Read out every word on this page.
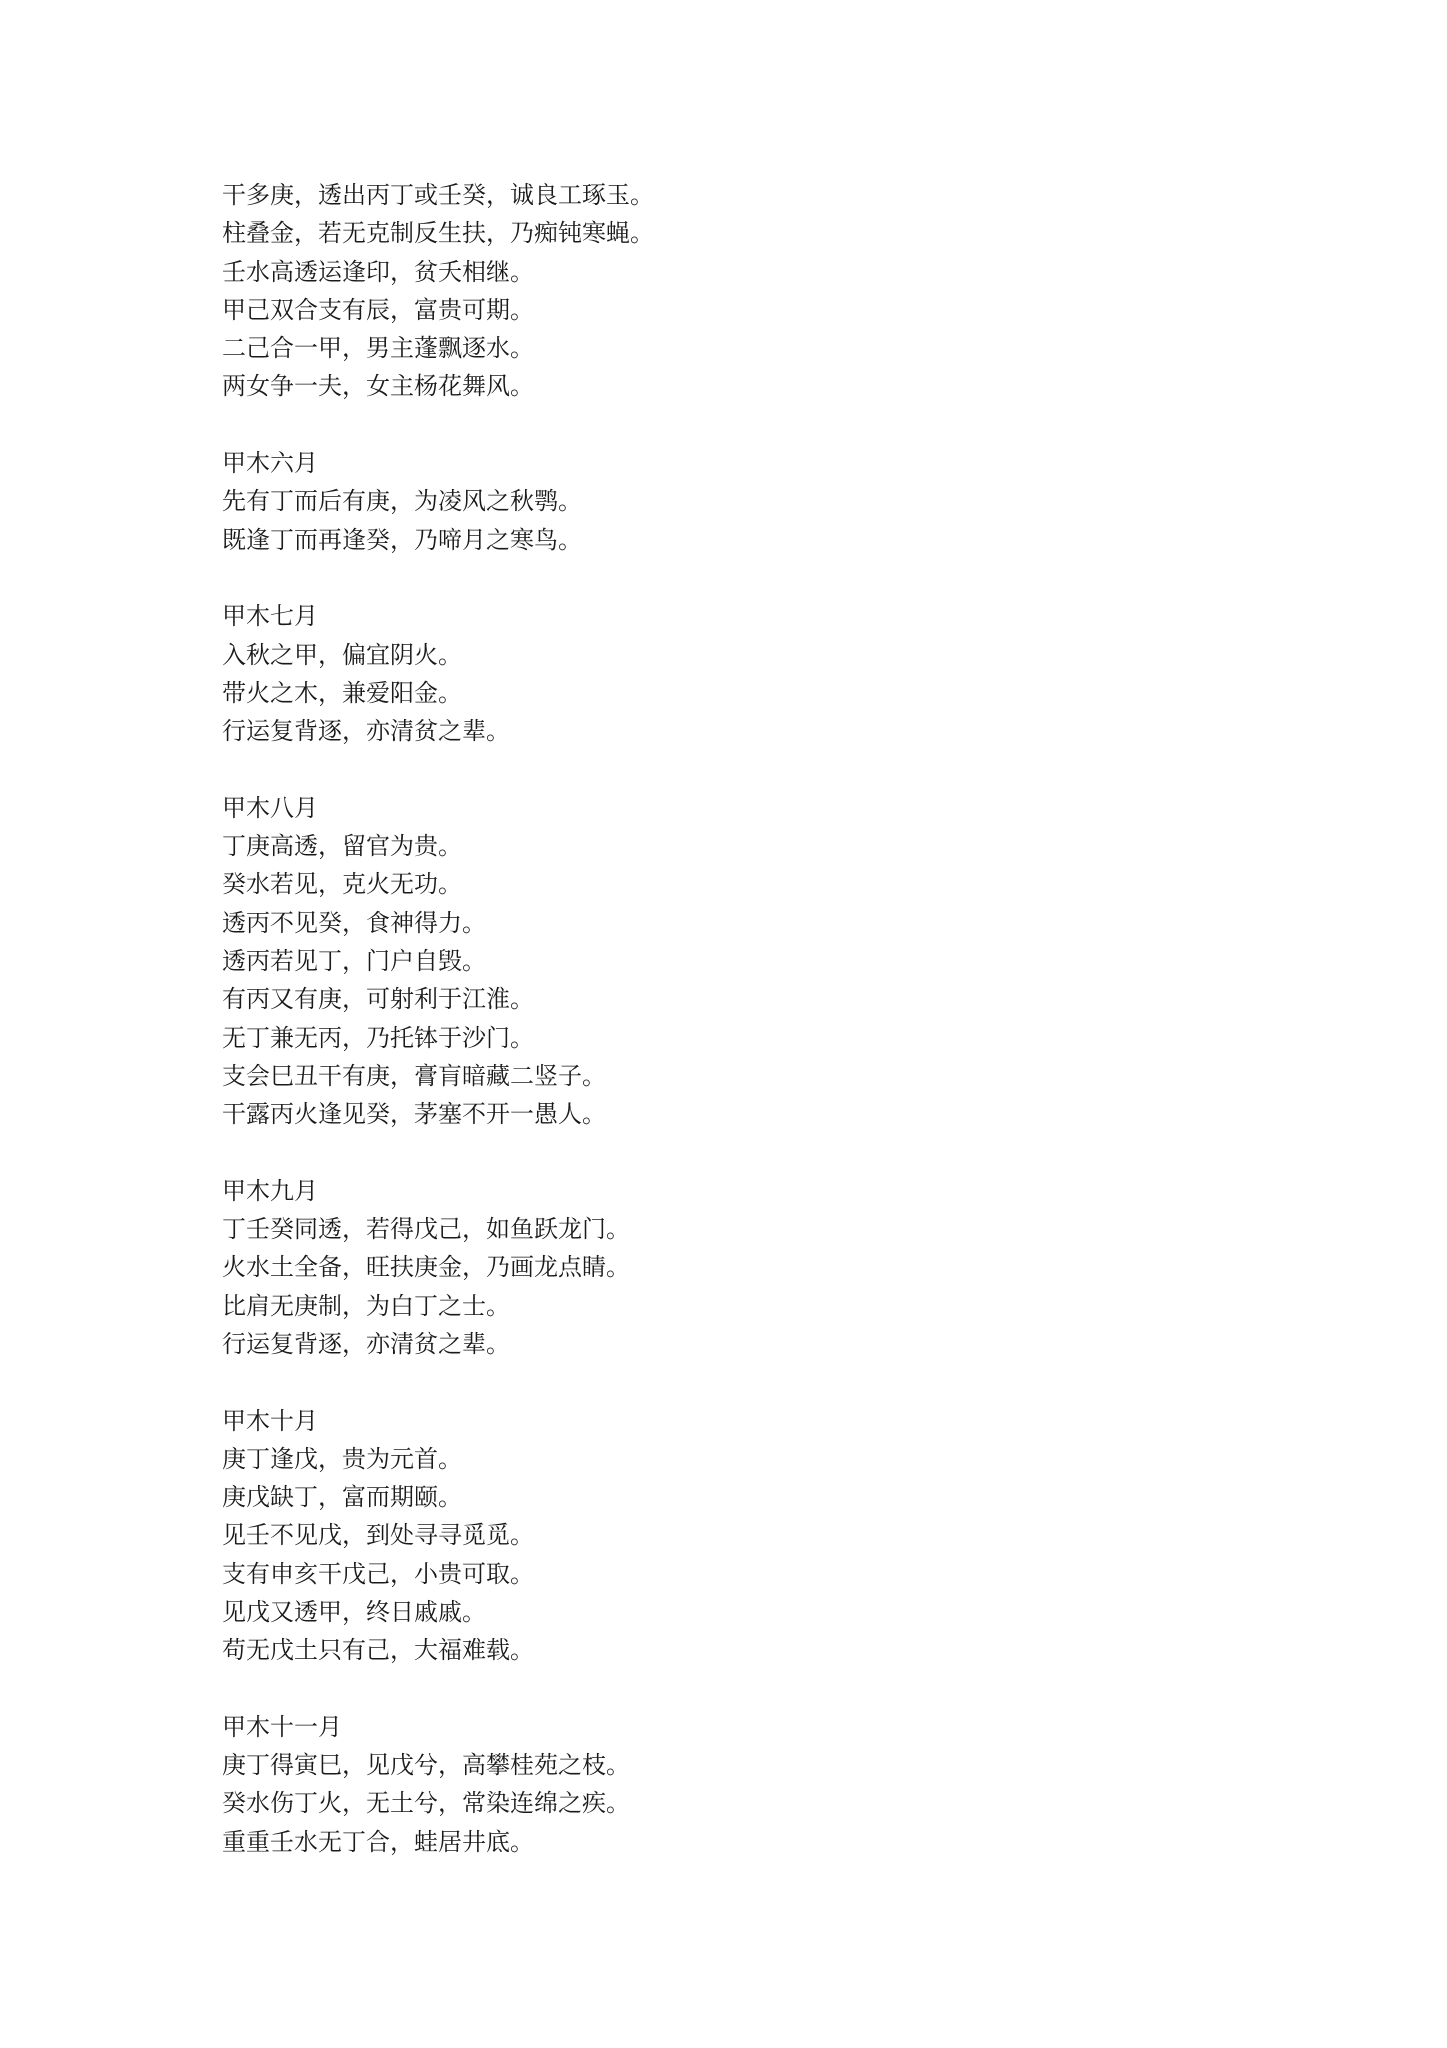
干多庚，透出丙丁或壬癸，诚良工琢玉。
柱叠金，若无克制反生扶，乃痴钝寒蝇。
壬水高透运逢印，贫夭相继。
甲己双合支有辰，富贵可期。
二己合一甲，男主蓬飘逐水。
两女争一夫，女主杨花舞风。
甲木六月
先有丁而后有庚，为凌风之秋鹗。
既逢丁而再逢癸，乃啼月之寒鸟。
甲木七月
入秋之甲，偏宜阴火。
带火之木，兼爱阳金。
行运复背逐，亦清贫之辈。
甲木八月
丁庚高透，留官为贵。
癸水若见，克火无功。
透丙不见癸，食神得力。
透丙若见丁，门户自毁。
有丙又有庚，可射利于江淮。
无丁兼无丙，乃托钵于沙门。
支会巳丑干有庚，膏肓暗藏二竖子。
干露丙火逢见癸，茅塞不开一愚人。
甲木九月
丁壬癸同透，若得戊己，如鱼跃龙门。
火水土全备，旺扶庚金，乃画龙点睛。
比肩无庚制，为白丁之士。
行运复背逐，亦清贫之辈。
甲木十月
庚丁逢戊，贵为元首。
庚戊缺丁，富而期颐。
见壬不见戊，到处寻寻觅觅。
支有申亥干戊己，小贵可取。
见戊又透甲，终日戚戚。
苟无戊土只有己，大福难载。
甲木十一月
庚丁得寅巳，见戊兮，高攀桂苑之枝。
癸水伤丁火，无土兮，常染连绵之疾。
重重壬水无丁合，蛙居井底。
